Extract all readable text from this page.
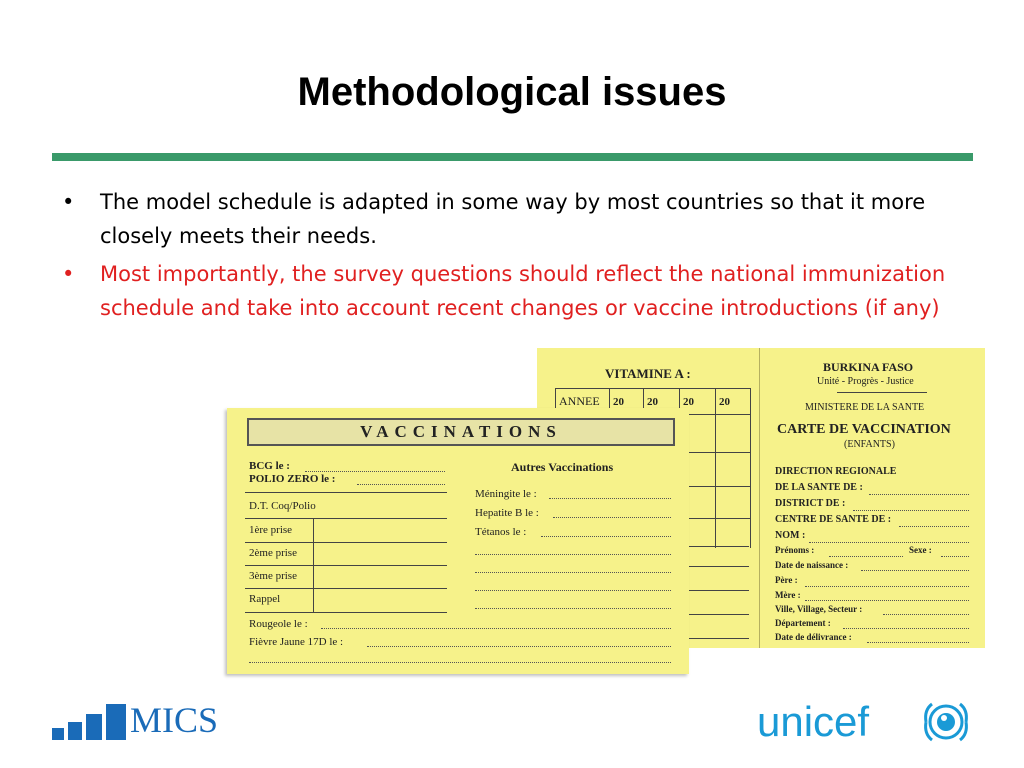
Methodological issues
• The model schedule is adapted in some way by most countries so that it more closely meets their needs.
• Most importantly, the survey questions should reflect the national immunization schedule and take into account recent changes or vaccine introductions (if any)
VITAMINE A :
ANNEE 20 20 20 20
BURKINA FASO
Unité - Progrès - Justice
MINISTERE DE LA SANTE
CARTE DE VACCINATION
(ENFANTS)
DIRECTION REGIONALE
DE LA SANTE DE :
DISTRICT DE :
CENTRE DE SANTE DE :
NOM :
Prénoms :	Sexe :
Date de naissance :
Père :
Mère :
Ville, Village, Secteur :
Département :
Date de délivrance :
VACCINATIONS
BCG le :
POLIO ZERO le :
D.T. Coq/Polio
1ère prise
2ème prise
3ème prise
Rappel
Rougeole le :
Fièvre Jaune 17D le :
Autres Vaccinations
Méningite le :
Hepatite B le :
Tétanos le :
MICS	unicef
